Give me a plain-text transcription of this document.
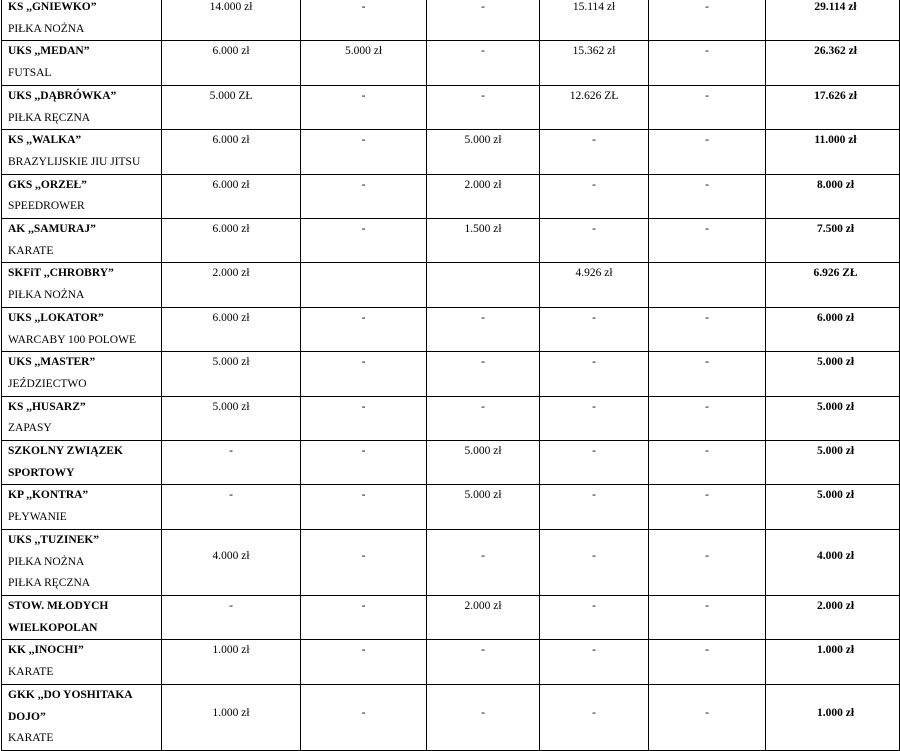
KS ,,GNIEWKO”
PIŁKA NOŻNA	14.000 zł	-	-	15.114 zł	-	29.114 zł

UKS ,,MEDAN”
FUTSAL	6.000 zł	5.000 zł	-	15.362 zł	-	26.362 zł

UKS ,,DĄBRÓWKA”
PIŁKA RĘCZNA	5.000 ZŁ	-	-	12.626 ZŁ	-	17.626 zł

KS ,,WALKA”
BRAZYLIJSKIE JIU JITSU	6.000 zł	-	5.000 zł	-	-	11.000 zł

GKS ,,ORZEŁ”
SPEEDROWER	6.000 zł	-	2.000 zł	-	-	8.000 zł

AK ,,SAMURAJ”
KARATE	6.000 zł	-	1.500 zł	-	-	7.500 zł

SKFiT ,,CHROBRY”
PIŁKA NOŻNA	2.000 zł			4.926 zł		6.926 ZŁ

UKS ,,LOKATOR”
WARCABY 100 POLOWE	6.000 zł	-	-	-	-	6.000 zł

UKS ,,MASTER”
JEŹDZIECTWO	5.000 zł	-	-	-	-	5.000 zł

KS ,,HUSARZ”
ZAPASY	5.000 zł	-	-	-	-	5.000 zł

SZKOLNY ZWIĄZEK
SPORTOWY	-	-	5.000 zł	-	-	5.000 zł

KP ,,KONTRA”
PŁYWANIE	-	-	5.000 zł	-	-	5.000 zł

UKS ,,TUZINEK”
PIŁKA NOŻNA
PIŁKA RĘCZNA	4.000 zł	-	-	-	-	4.000 zł

STOW. MŁODYCH
WIELKOPOLAN	-	-	2.000 zł	-	-	2.000 zł

KK ,,INOCHI”
KARATE	1.000 zł	-	-	-	-	1.000 zł

GKK ,,DO YOSHITAKA
DOJO”
KARATE	1.000 zł	-	-	-	-	1.000 zł
